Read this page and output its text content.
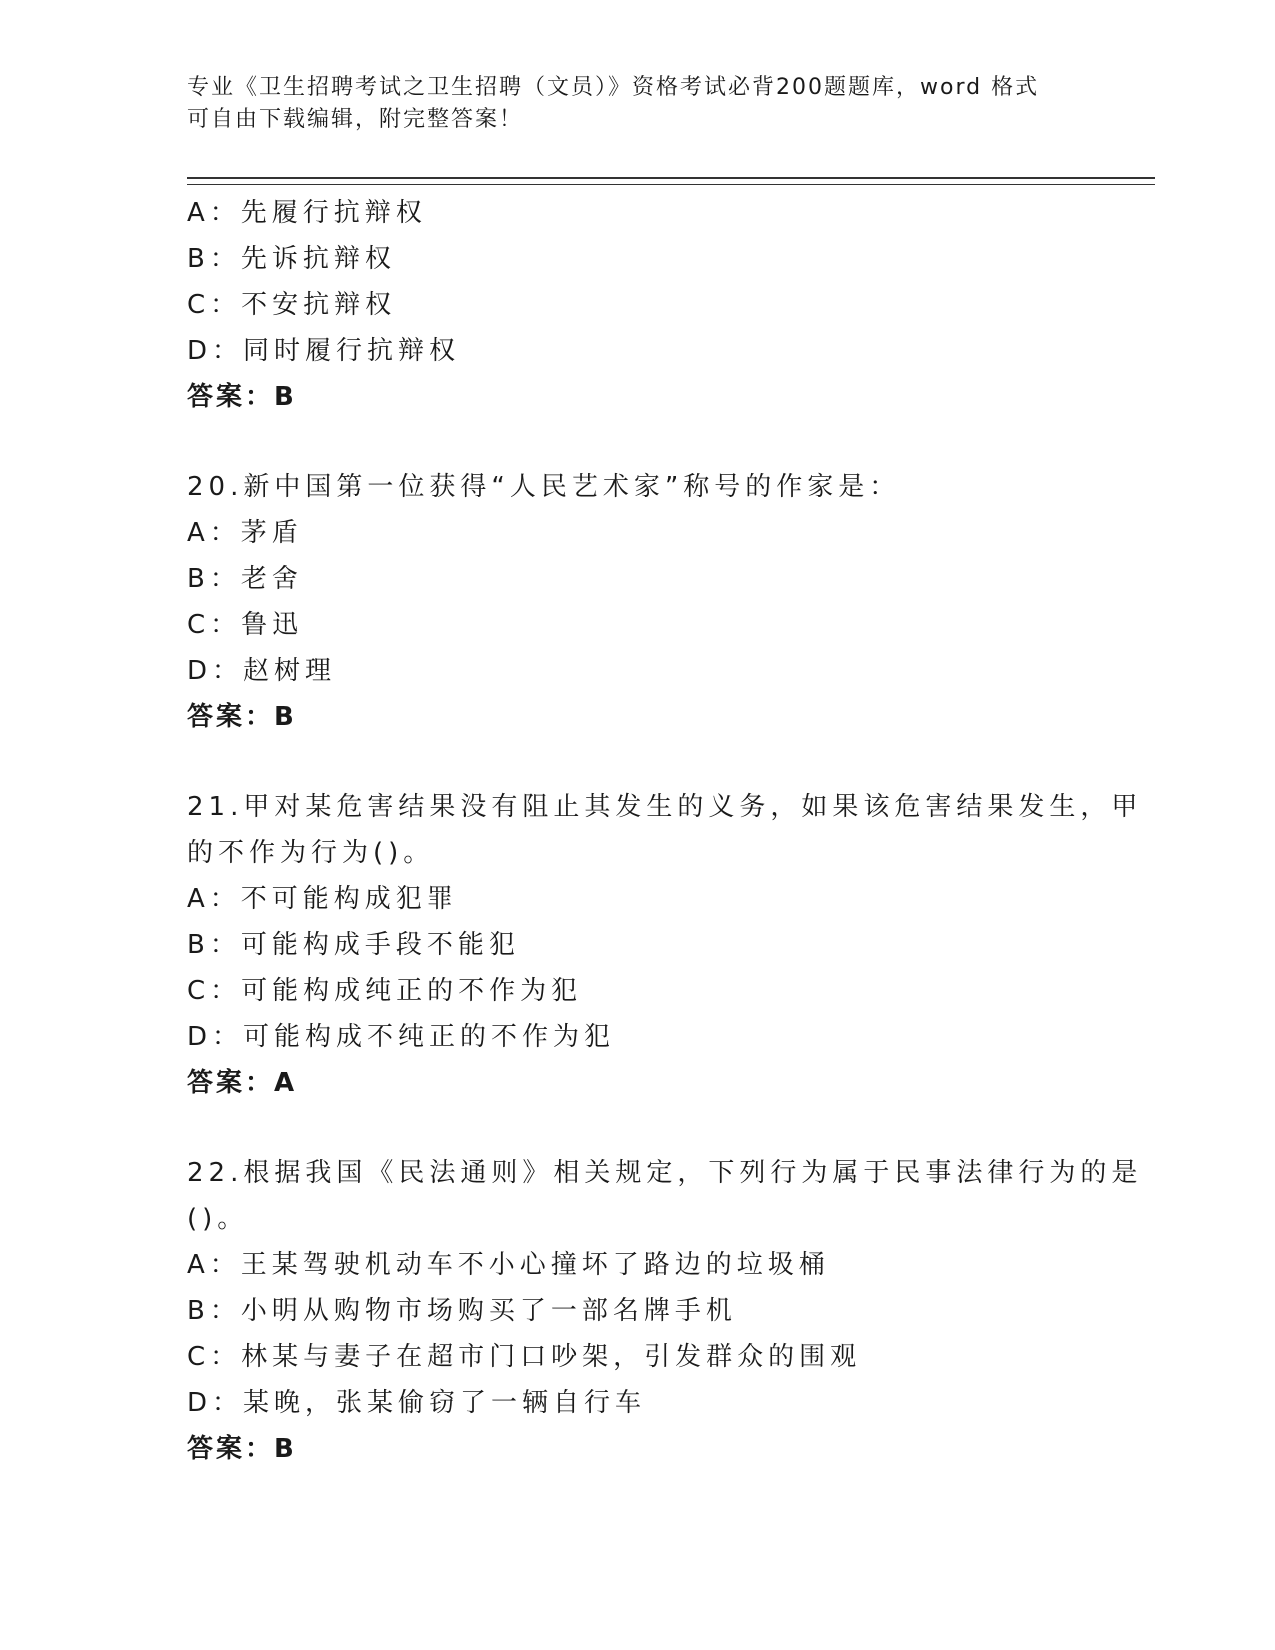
专业《卫生招聘考试之卫生招聘（文员）》资格考试必背200题题库，word 格式
可自由下载编辑，附完整答案！
A：先履行抗辩权
B：先诉抗辩权
C：不安抗辩权
D：同时履行抗辩权
答案：B
20.新中国第一位获得“人民艺术家”称号的作家是：
A：茅盾
B：老舍
C：鲁迅
D：赵树理
答案：B
21.甲对某危害结果没有阻止其发生的义务，如果该危害结果发生，甲
的不作为行为()。
A：不可能构成犯罪
B：可能构成手段不能犯
C：可能构成纯正的不作为犯
D：可能构成不纯正的不作为犯
答案：A
22.根据我国《民法通则》相关规定，下列行为属于民事法律行为的是
()。
A：王某驾驶机动车不小心撞坏了路边的垃圾桶
B：小明从购物市场购买了一部名牌手机
C：林某与妻子在超市门口吵架，引发群众的围观
D：某晚，张某偷窃了一辆自行车
答案：B
